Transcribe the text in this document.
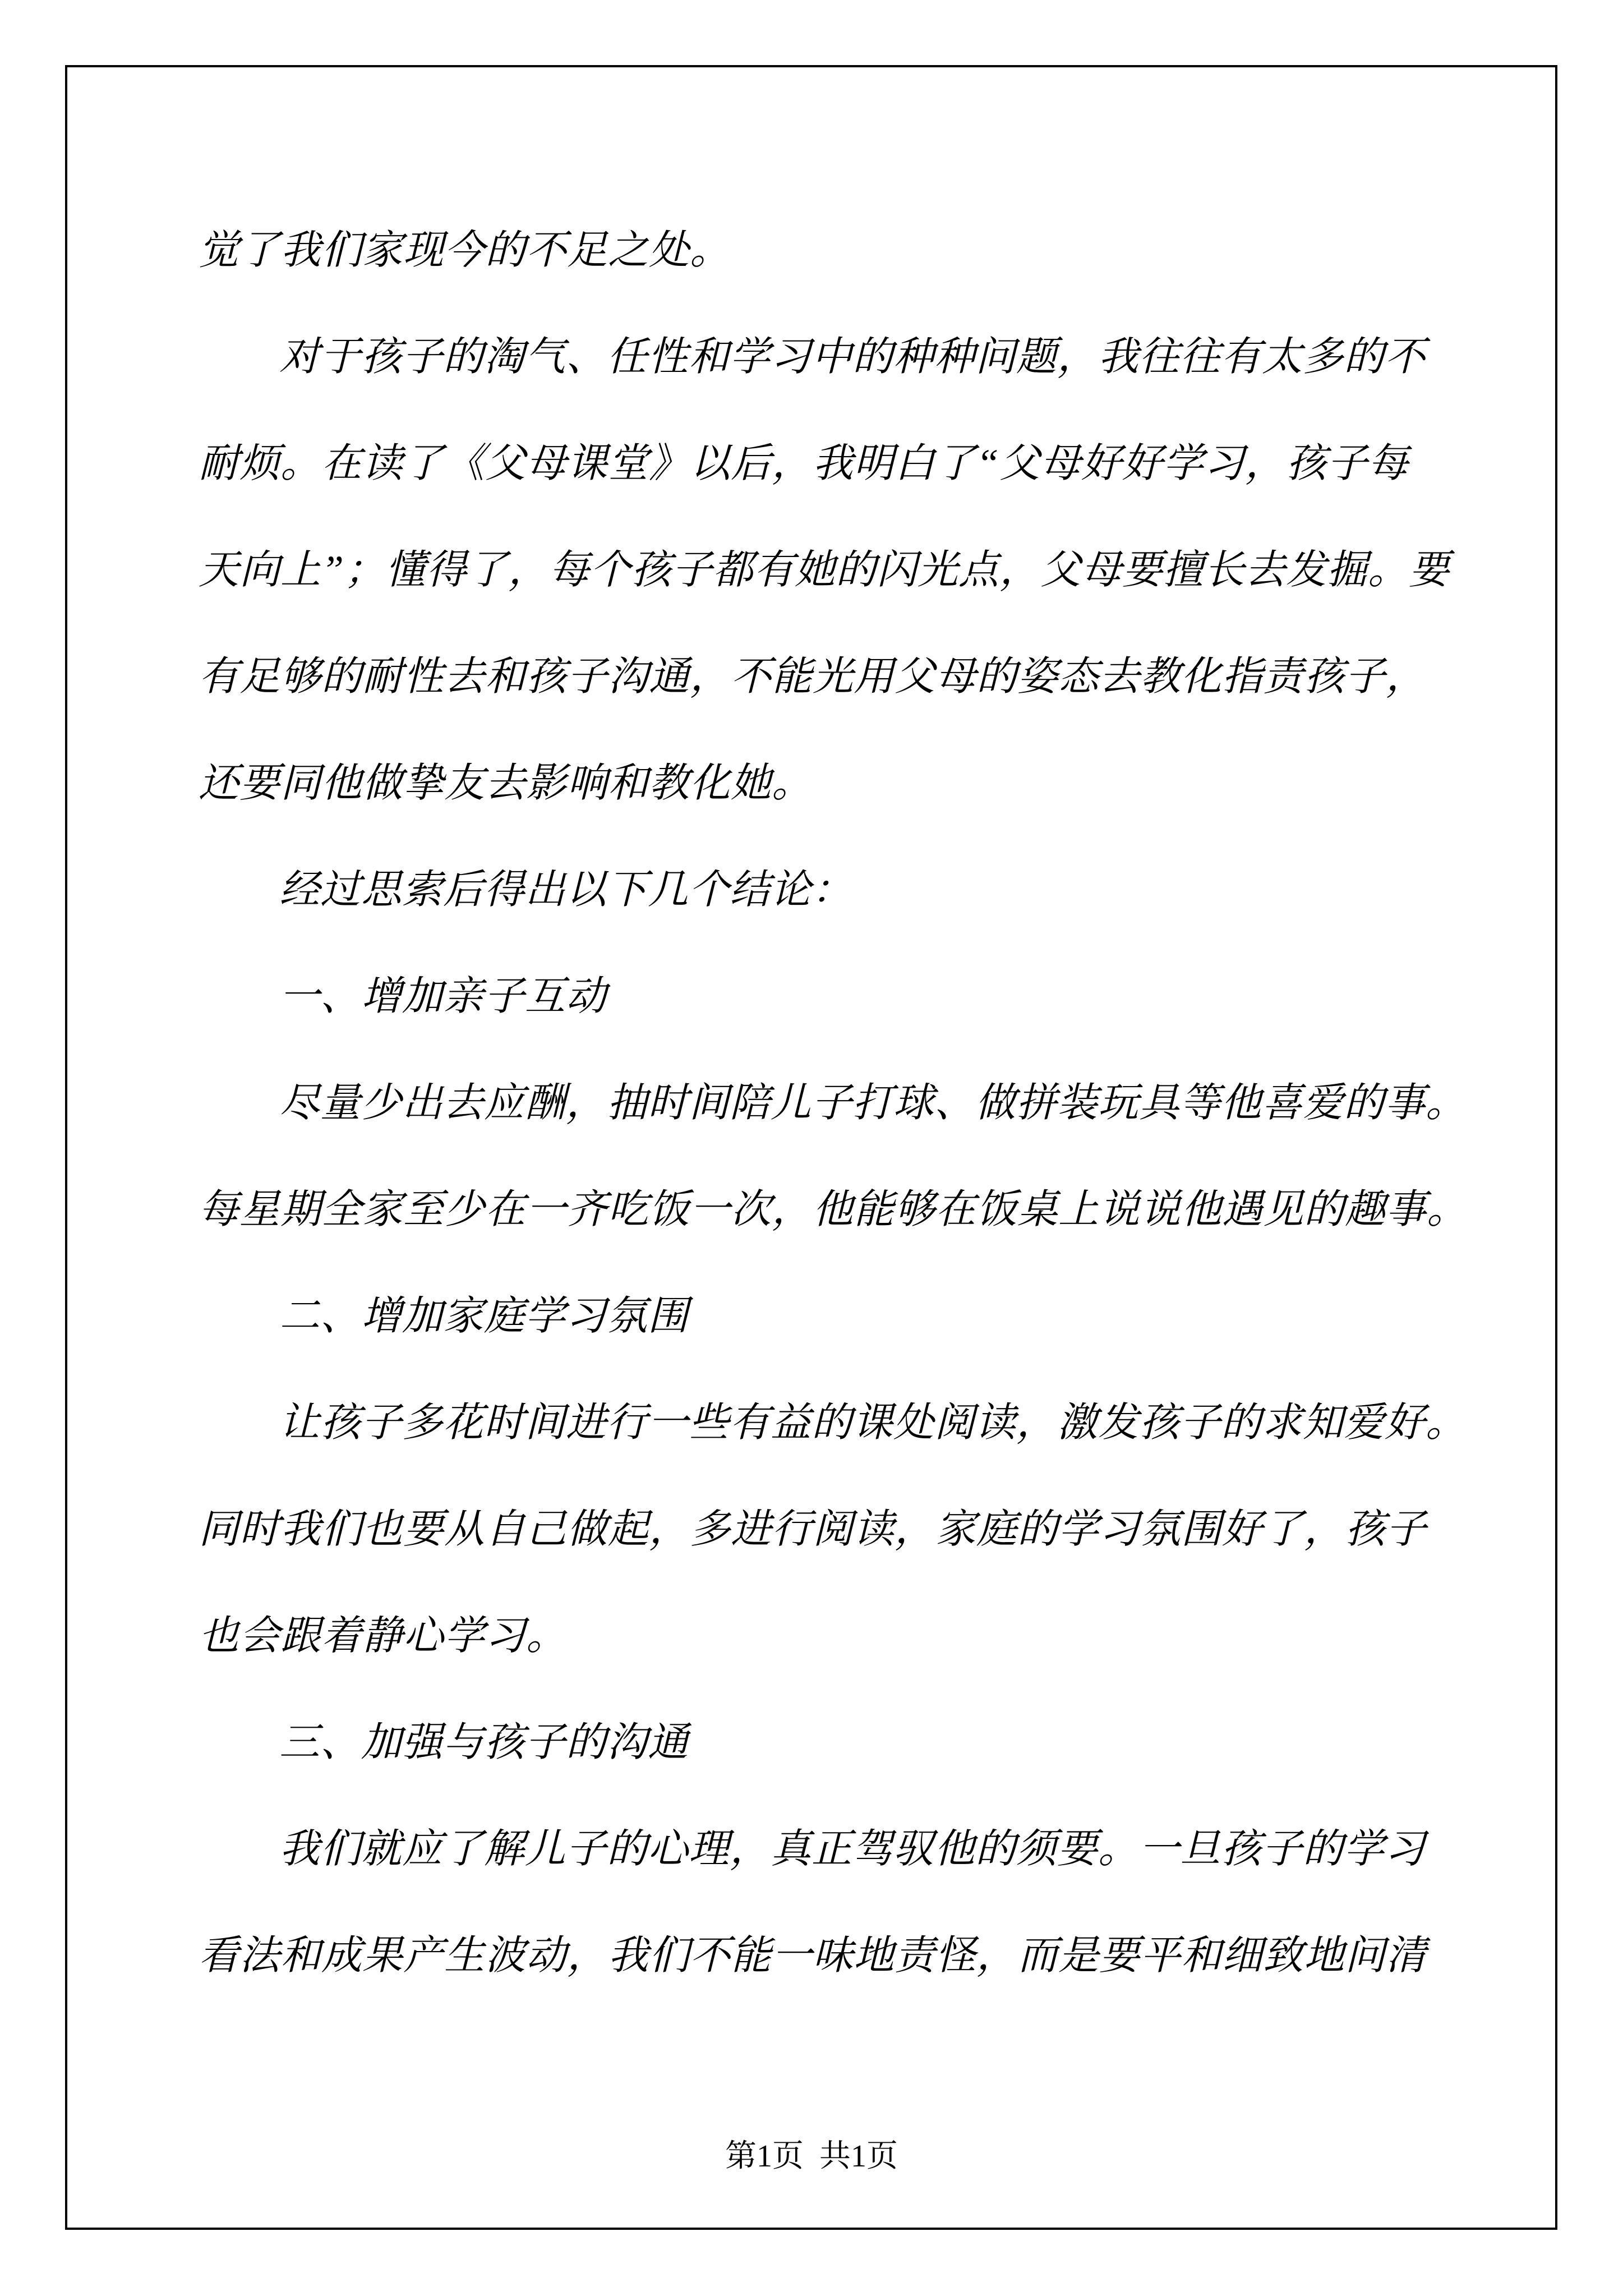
觉了我们家现今的不足之处。
对于孩子的淘气、任性和学习中的种种问题，我往往有太多的不
耐烦。在读了《父母课堂》以后，我明白了“父母好好学习，孩子每
天向上”；懂得了，每个孩子都有她的闪光点，父母要擅长去发掘。要
有足够的耐性去和孩子沟通，不能光用父母的姿态去教化指责孩子，
还要同他做挚友去影响和教化她。
经过思索后得出以下几个结论：
一、增加亲子互动
尽量少出去应酬，抽时间陪儿子打球、做拼装玩具等他喜爱的事。
每星期全家至少在一齐吃饭一次，他能够在饭桌上说说他遇见的趣事。
二、增加家庭学习氛围
让孩子多花时间进行一些有益的课处阅读，激发孩子的求知爱好。
同时我们也要从自己做起，多进行阅读，家庭的学习氛围好了，孩子
也会跟着静心学习。
三、加强与孩子的沟通
我们就应了解儿子的心理，真正驾驭他的须要。一旦孩子的学习
看法和成果产生波动，我们不能一味地责怪，而是要平和细致地问清
第1页  共1页
